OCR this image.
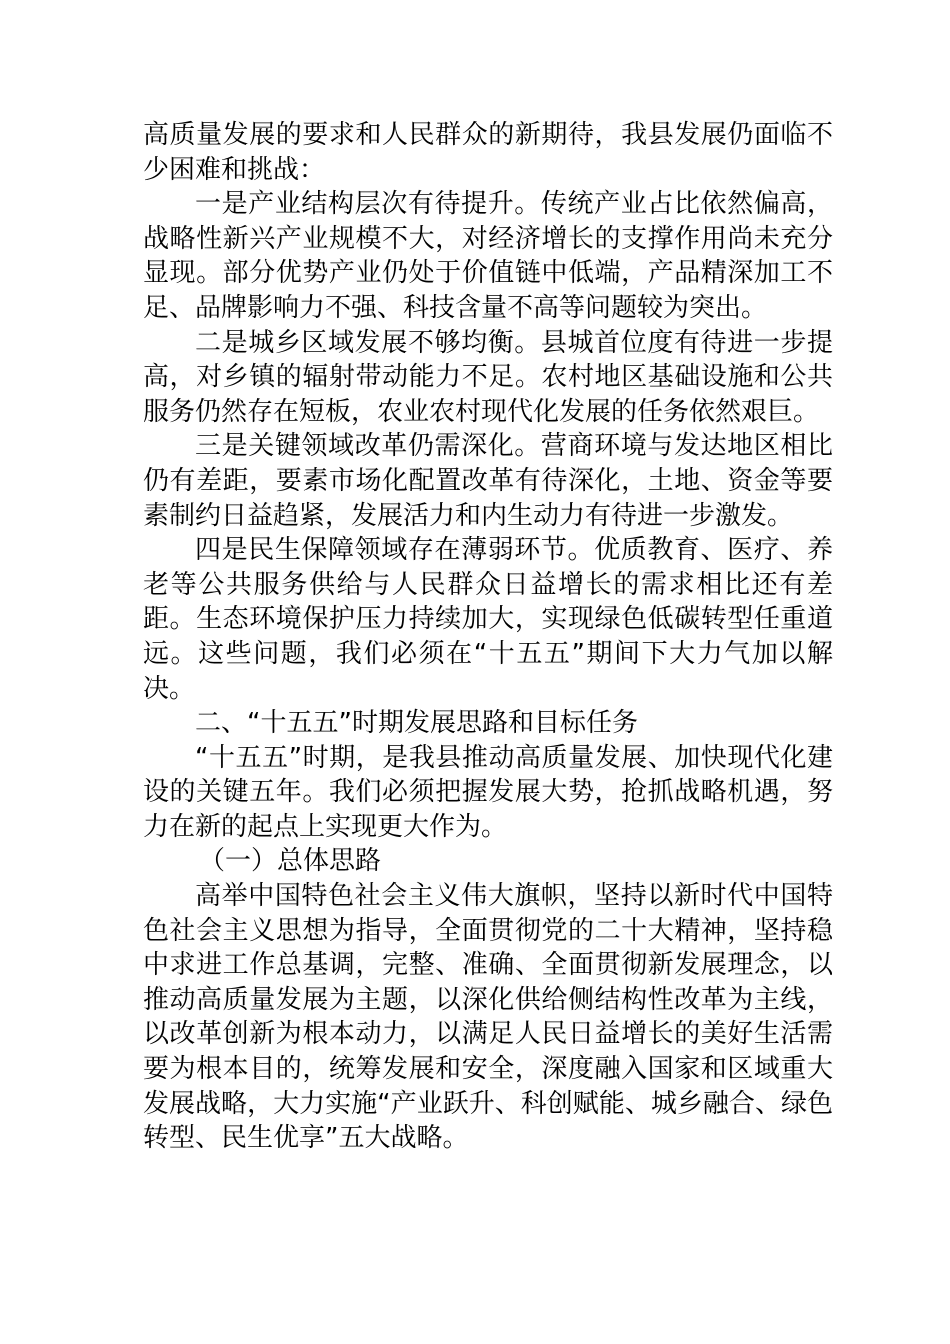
高质量发展的要求和人民群众的新期待，我县发展仍面临不少困难和挑战：

一是产业结构层次有待提升。传统产业占比依然偏高，战略性新兴产业规模不大，对经济增长的支撑作用尚未充分显现。部分优势产业仍处于价值链中低端，产品精深加工不足、品牌影响力不强、科技含量不高等问题较为突出。

二是城乡区域发展不够均衡。县城首位度有待进一步提高，对乡镇的辐射带动能力不足。农村地区基础设施和公共服务仍然存在短板，农业农村现代化发展的任务依然艰巨。

三是关键领域改革仍需深化。营商环境与发达地区相比仍有差距，要素市场化配置改革有待深化，土地、资金等要素制约日益趋紧，发展活力和内生动力有待进一步激发。

四是民生保障领域存在薄弱环节。优质教育、医疗、养老等公共服务供给与人民群众日益增长的需求相比还有差距。生态环境保护压力持续加大，实现绿色低碳转型任重道远。这些问题，我们必须在“十五五”期间下大力气加以解决。

二、“十五五”时期发展思路和目标任务

“十五五”时期，是我县推动高质量发展、加快现代化建设的关键五年。我们必须把握发展大势，抢抓战略机遇，努力在新的起点上实现更大作为。

（一）总体思路

高举中国特色社会主义伟大旗帜，坚持以新时代中国特色社会主义思想为指导，全面贯彻党的二十大精神，坚持稳中求进工作总基调，完整、准确、全面贯彻新发展理念，以推动高质量发展为主题，以深化供给侧结构性改革为主线，以改革创新为根本动力，以满足人民日益增长的美好生活需要为根本目的，统筹发展和安全，深度融入国家和区域重大发展战略，大力实施“产业跃升、科创赋能、城乡融合、绿色转型、民生优享”五大战略。
